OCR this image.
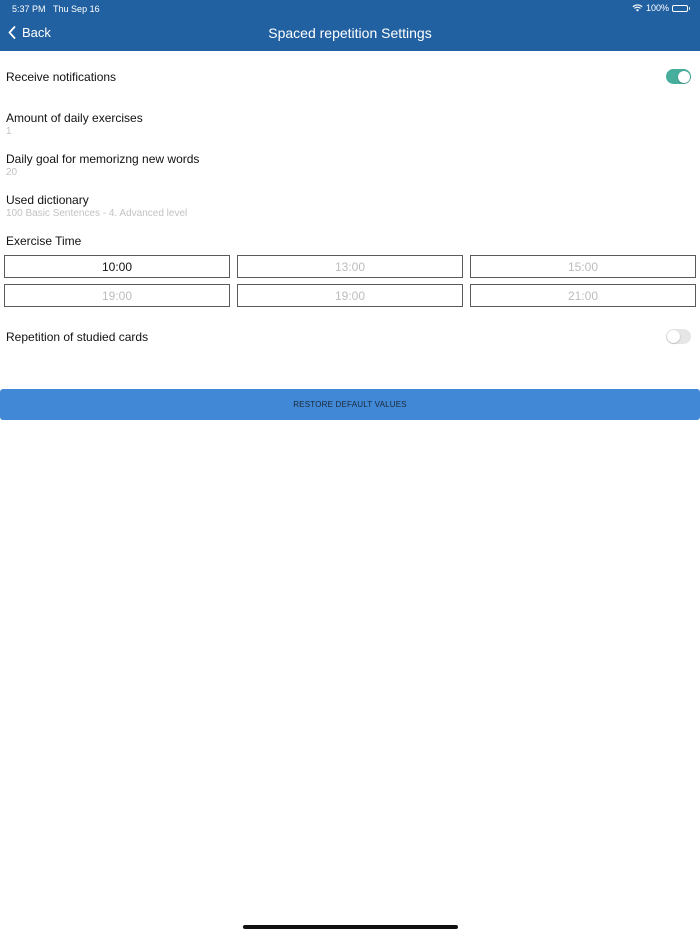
5:37 PM Thu Sep 16	100%
Back	Spaced repetition Settings
Receive notifications
Amount of daily exercises
1
Daily goal for memorizng new words
20
Used dictionary
100 Basic Sentences - 4. Advanced level
Exercise Time
10:00	13:00	15:00
19:00	19:00	21:00
Repetition of studied cards
RESTORE DEFAULT VALUES
